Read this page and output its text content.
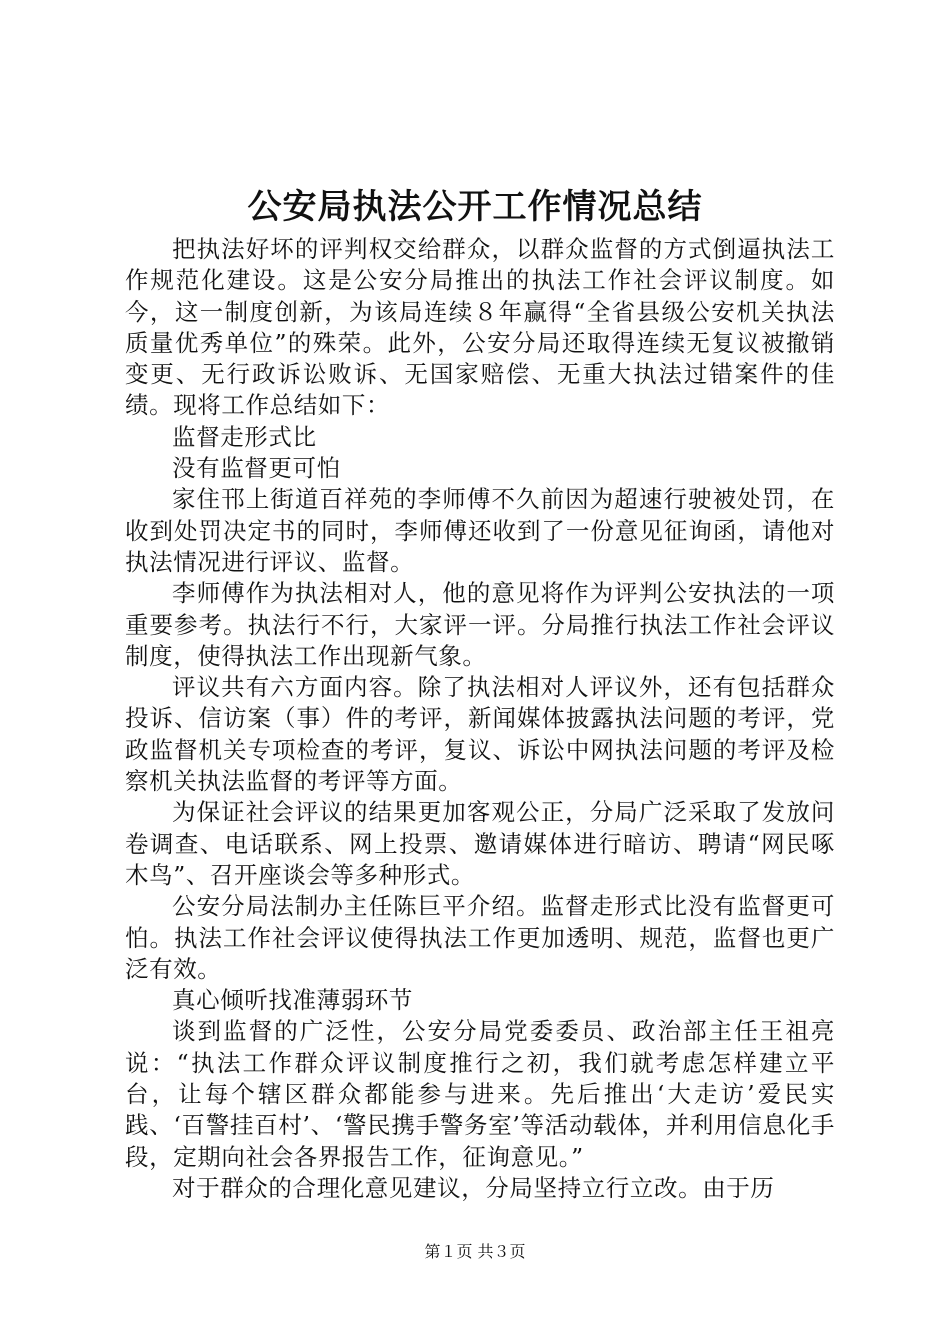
公安局执法公开工作情况总结

把执法好坏的评判权交给群众，以群众监督的方式倒逼执法工作规范化建设。这是公安分局推出的执法工作社会评议制度。如今，这一制度创新，为该局连续８年赢得“全省县级公安机关执法质量优秀单位”的殊荣。此外，公安分局还取得连续无复议被撤销变更、无行政诉讼败诉、无国家赔偿、无重大执法过错案件的佳绩。现将工作总结如下：

监督走形式比

没有监督更可怕

家住邗上街道百祥苑的李师傅不久前因为超速行驶被处罚，在收到处罚决定书的同时，李师傅还收到了一份意见征询函，请他对执法情况进行评议、监督。

李师傅作为执法相对人，他的意见将作为评判公安执法的一项重要参考。执法行不行，大家评一评。分局推行执法工作社会评议制度，使得执法工作出现新气象。

评议共有六方面内容。除了执法相对人评议外，还有包括群众投诉、信访案（事）件的考评，新闻媒体披露执法问题的考评，党政监督机关专项检查的考评，复议、诉讼中网执法问题的考评及检察机关执法监督的考评等方面。

为保证社会评议的结果更加客观公正，分局广泛采取了发放问卷调查、电话联系、网上投票、邀请媒体进行暗访、聘请“网民啄木鸟”、召开座谈会等多种形式。

公安分局法制办主任陈巨平介绍。监督走形式比没有监督更可怕。执法工作社会评议使得执法工作更加透明、规范，监督也更广泛有效。

真心倾听找准薄弱环节

谈到监督的广泛性，公安分局党委委员、政治部主任王祖亮说：“执法工作群众评议制度推行之初，我们就考虑怎样建立平台，让每个辖区群众都能参与进来。先后推出‘大走访’爱民实践、‘百警挂百村’、‘警民携手警务室’等活动载体，并利用信息化手段，定期向社会各界报告工作，征询意见。”

对于群众的合理化意见建议，分局坚持立行立改。由于历

第１页 共３页
